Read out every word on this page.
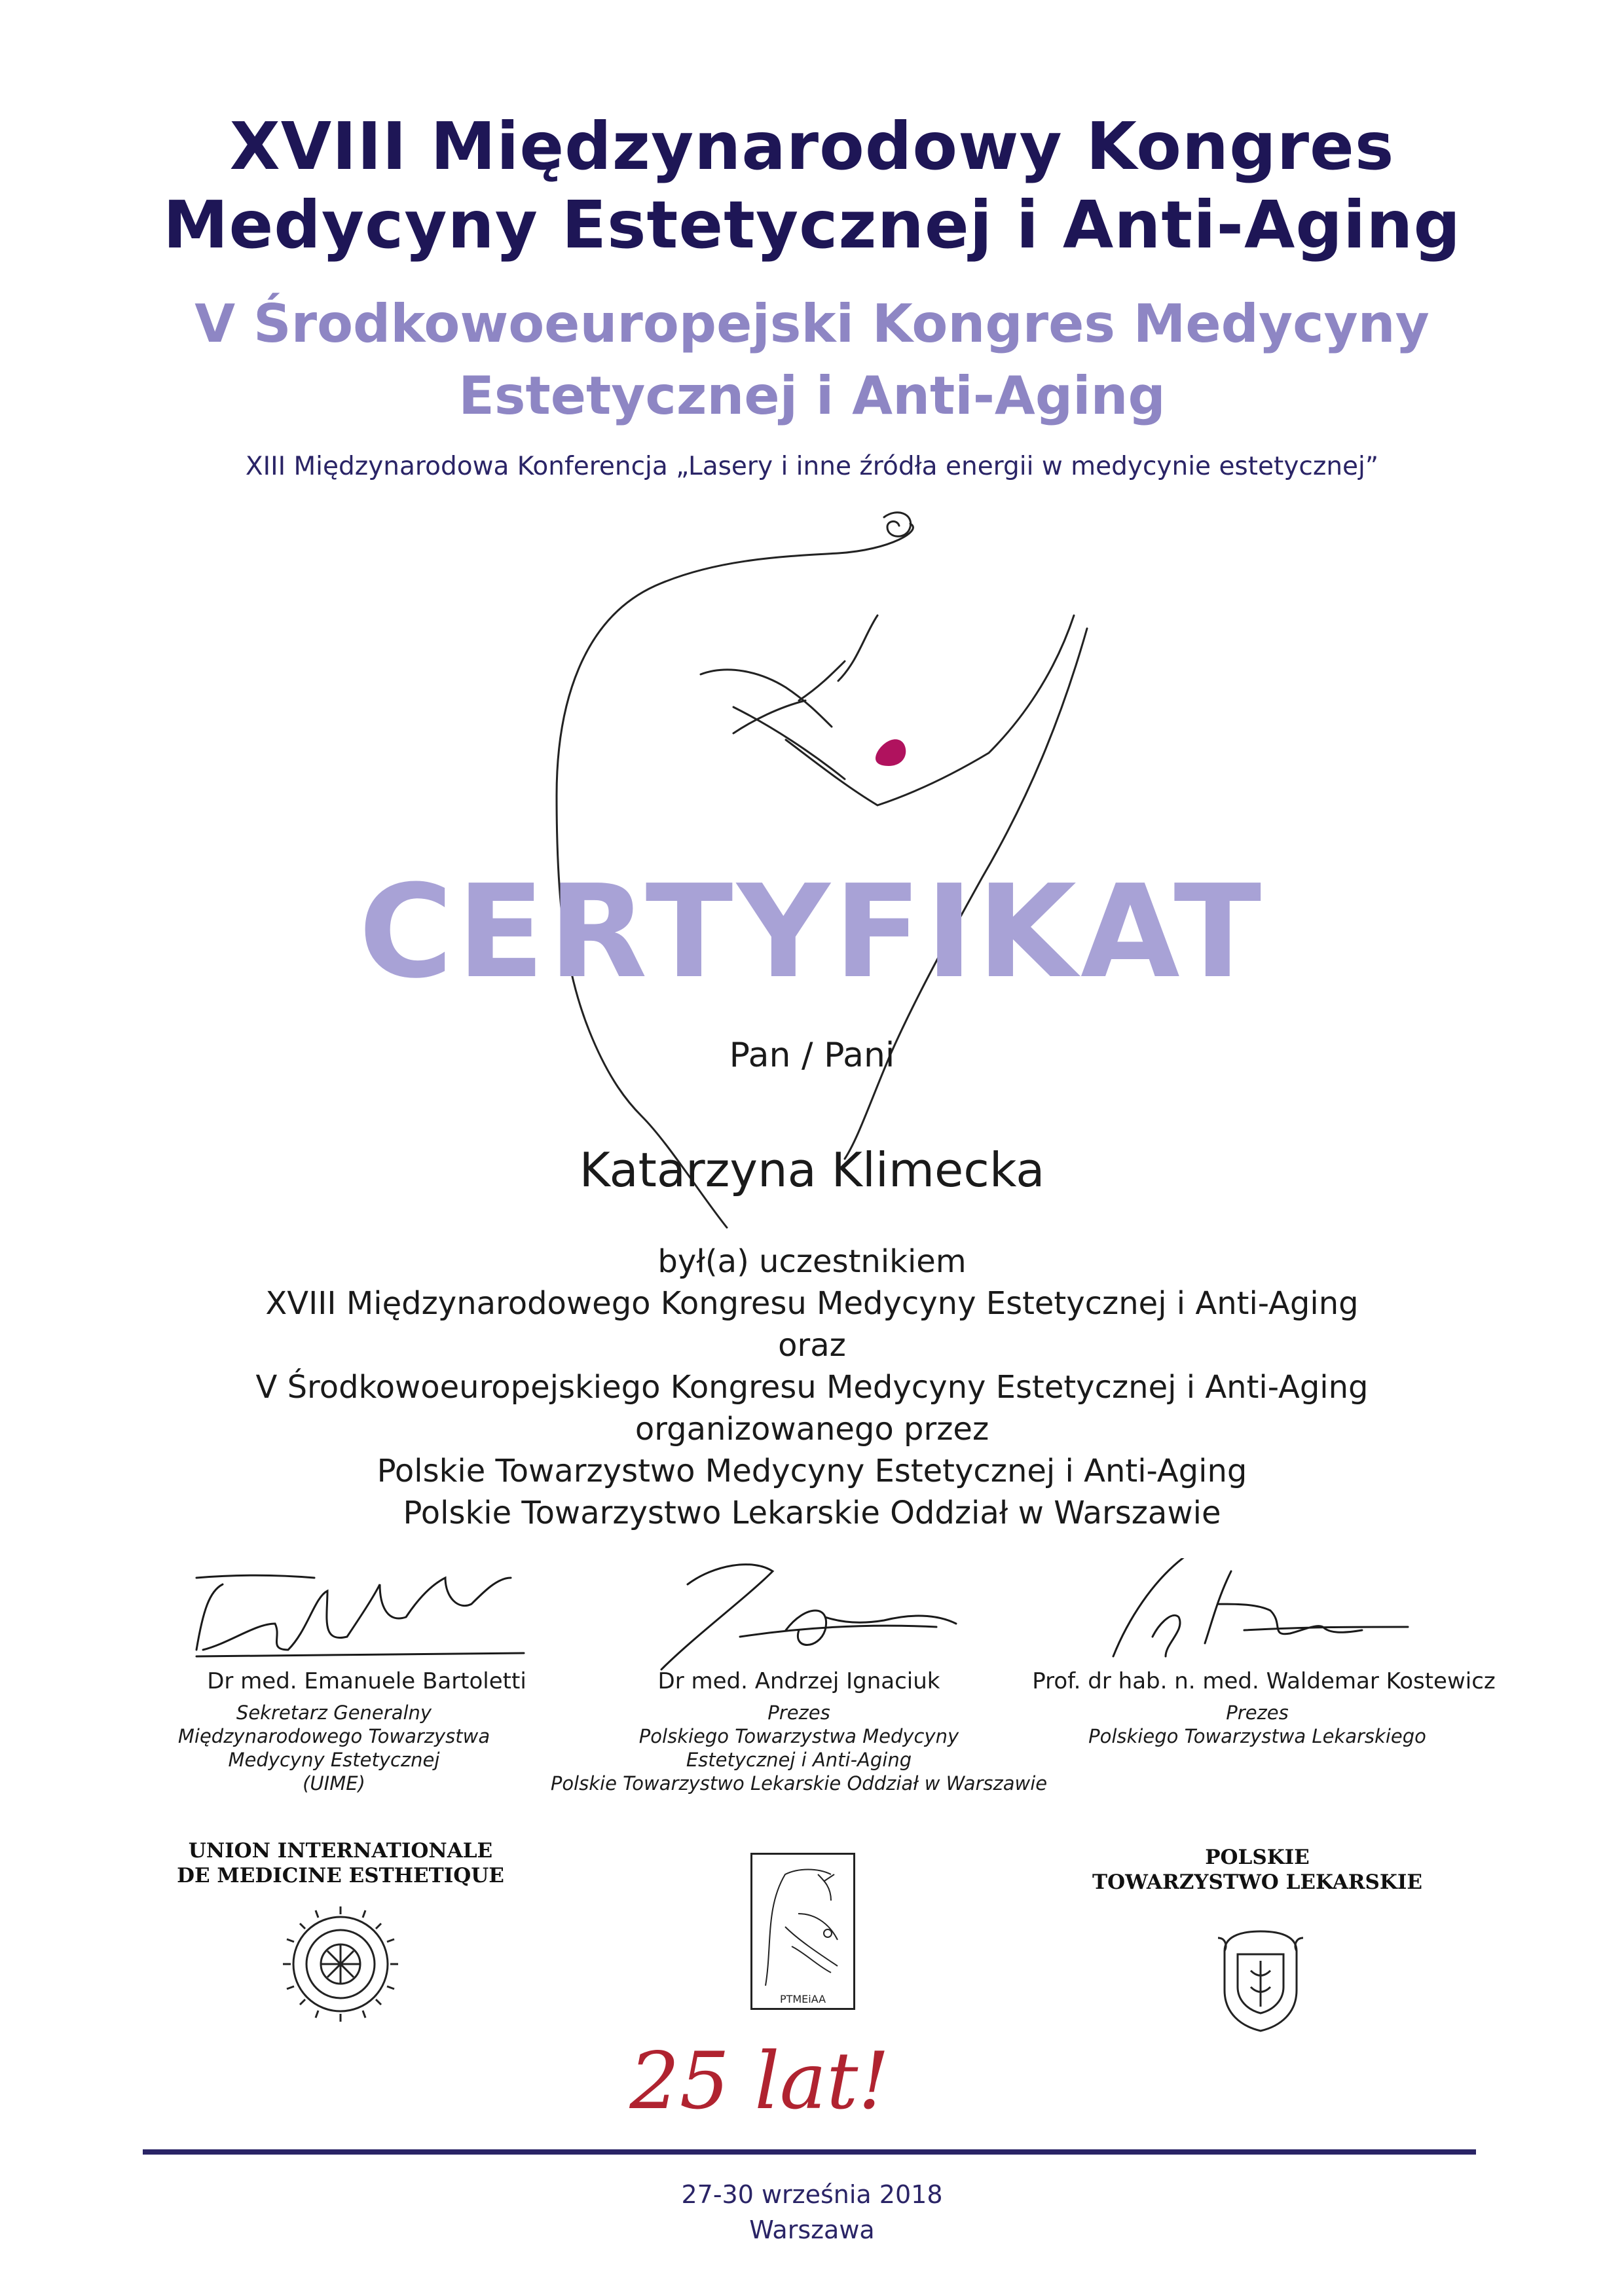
XVIII Międzynarodowy Kongres
Medycyny Estetycznej i Anti-Aging
V Środkowoeuropejski Kongres Medycyny
Estetycznej i Anti-Aging
XIII Międzynarodowa Konferencja „Lasery i inne źródła energii w medycynie estetycznej”
CERTYFIKAT
Pan / Pani
Katarzyna Klimecka
był(a) uczestnikiem
XVIII Międzynarodowego Kongresu Medycyny Estetycznej i Anti-Aging
oraz
V Środkowoeuropejskiego Kongresu Medycyny Estetycznej i Anti-Aging
organizowanego przez
Polskie Towarzystwo Medycyny Estetycznej i Anti-Aging
Polskie Towarzystwo Lekarskie Oddział w Warszawie
Dr med. Emanuele Bartoletti
Sekretarz Generalny
Międzynarodowego Towarzystwa
Medycyny Estetycznej
(UIME)
Dr med. Andrzej Ignaciuk
Prezes
Polskiego Towarzystwa Medycyny
Estetycznej i Anti-Aging
Polskie Towarzystwo Lekarskie Oddział w Warszawie
Prof. dr hab. n. med. Waldemar Kostewicz
Prezes
Polskiego Towarzystwa Lekarskiego
UNION INTERNATIONALE
DE MEDICINE ESTHETIQUE
PTMEiAA
POLSKIE
TOWARZYSTWO LEKARSKIE
25 lat!
27-30 września 2018
Warszawa
